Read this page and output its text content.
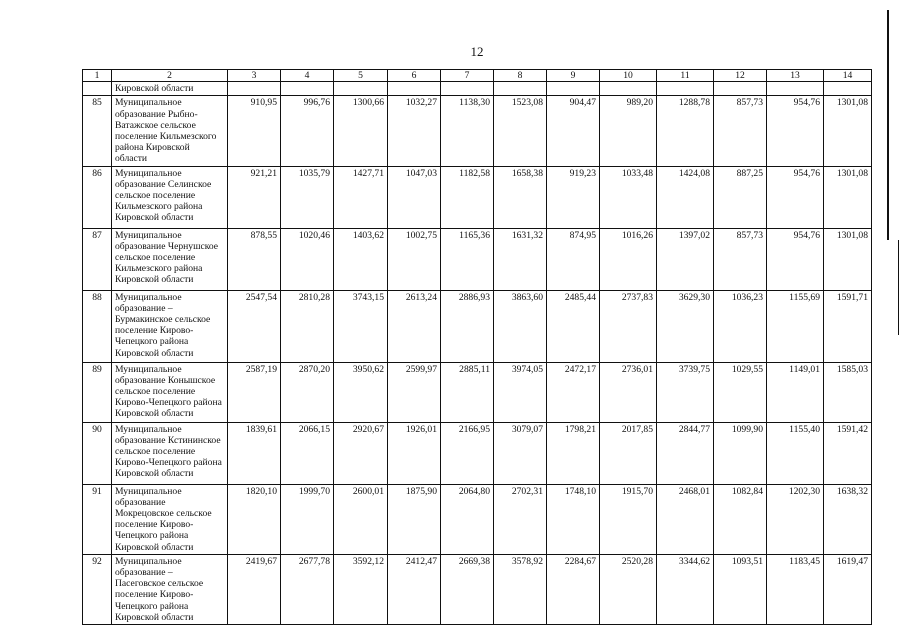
12
1	2	3	4	5	6	7	8	9	10	11	12	13	14
	Кировской области												
85	Муниципальное образование Рыбно-Ватажское сельское поселение Кильмезского района Кировской области	910,95	996,76	1300,66	1032,27	1138,30	1523,08	904,47	989,20	1288,78	857,73	954,76	1301,08
86	Муниципальное образование Селинское сельское поселение Кильмезского района Кировской области	921,21	1035,79	1427,71	1047,03	1182,58	1658,38	919,23	1033,48	1424,08	887,25	954,76	1301,08
87	Муниципальное образование Чернушское сельское поселение Кильмезского района Кировской области	878,55	1020,46	1403,62	1002,75	1165,36	1631,32	874,95	1016,26	1397,02	857,73	954,76	1301,08
88	Муниципальное образование – Бурмакинское сельское поселение Кирово-Чепецкого района Кировской области	2547,54	2810,28	3743,15	2613,24	2886,93	3863,60	2485,44	2737,83	3629,30	1036,23	1155,69	1591,71
89	Муниципальное образование Конышское сельское поселение Кирово-Чепецкого района Кировской области	2587,19	2870,20	3950,62	2599,97	2885,11	3974,05	2472,17	2736,01	3739,75	1029,55	1149,01	1585,03
90	Муниципальное образование Кстининское сельское поселение Кирово-Чепецкого района Кировской области	1839,61	2066,15	2920,67	1926,01	2166,95	3079,07	1798,21	2017,85	2844,77	1099,90	1155,40	1591,42
91	Муниципальное образование Мокрецовское сельское поселение Кирово-Чепецкого района Кировской области	1820,10	1999,70	2600,01	1875,90	2064,80	2702,31	1748,10	1915,70	2468,01	1082,84	1202,30	1638,32
92	Муниципальное образование – Пасеговское сельское поселение Кирово-Чепецкого района Кировской области	2419,67	2677,78	3592,12	2412,47	2669,38	3578,92	2284,67	2520,28	3344,62	1093,51	1183,45	1619,47
